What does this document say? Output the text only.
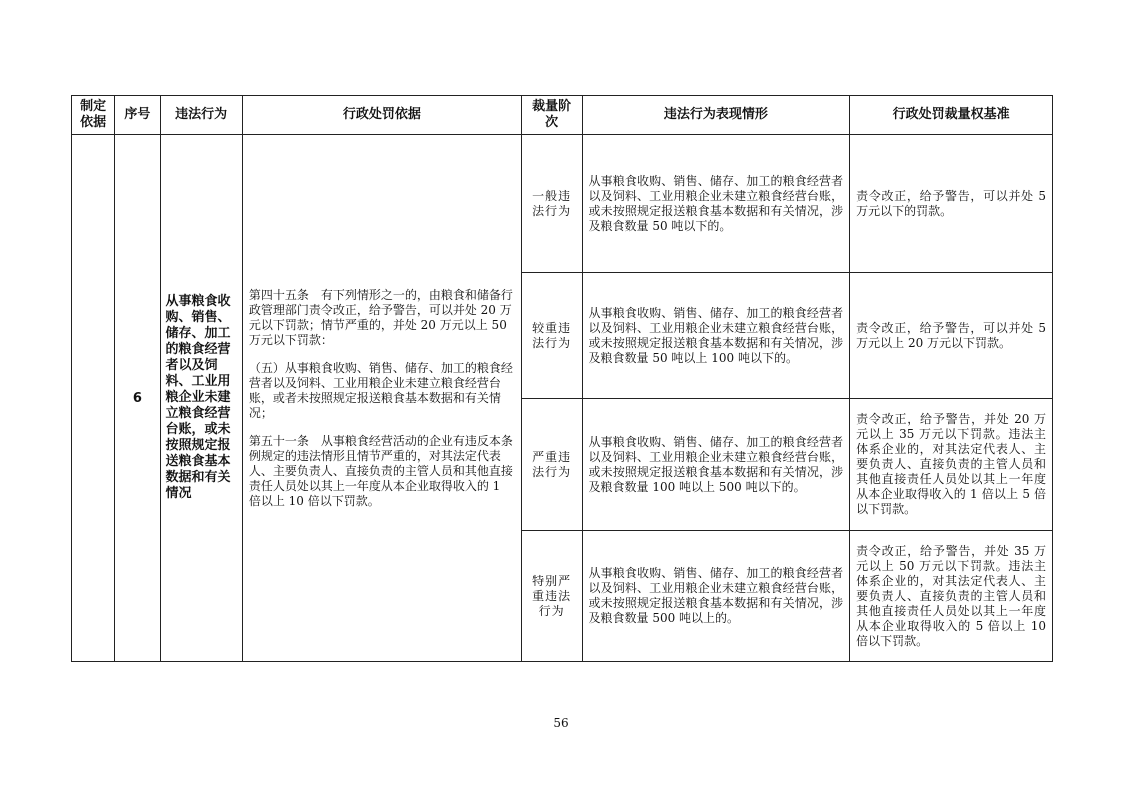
制定依据	序号	违法行为	行政处罚依据	裁量阶次	违法行为表现情形	行政处罚裁量权基准
	6	从事粮食收购、销售、储存、加工的粮食经营者以及饲料、工业用粮企业未建立粮食经营台账，或未按照规定报送粮食基本数据和有关情况	第四十五条　有下列情形之一的，由粮食和储备行政管理部门责令改正，给予警告，可以并处 20 万元以下罚款；情节严重的，并处 20 万元以上 50 万元以下罚款：

（五）从事粮食收购、销售、储存、加工的粮食经营者以及饲料、工业用粮企业未建立粮食经营台账，或者未按照规定报送粮食基本数据和有关情况；

第五十一条　从事粮食经营活动的企业有违反本条例规定的违法情形且情节严重的，对其法定代表人、主要负责人、直接负责的主管人员和其他直接责任人员处以其上一年度从本企业取得收入的 1 倍以上 10 倍以下罚款。	一般违法行为	从事粮食收购、销售、储存、加工的粮食经营者以及饲料、工业用粮企业未建立粮食经营台账，或未按照规定报送粮食基本数据和有关情况，涉及粮食数量 50 吨以下的。	责令改正，给予警告，可以并处 5 万元以下的罚款。
				较重违法行为	从事粮食收购、销售、储存、加工的粮食经营者以及饲料、工业用粮企业未建立粮食经营台账，或未按照规定报送粮食基本数据和有关情况，涉及粮食数量 50 吨以上 100 吨以下的。	责令改正，给予警告，可以并处 5 万元以上 20 万元以下罚款。
				严重违法行为	从事粮食收购、销售、储存、加工的粮食经营者以及饲料、工业用粮企业未建立粮食经营台账，或未按照规定报送粮食基本数据和有关情况，涉及粮食数量 100 吨以上 500 吨以下的。	责令改正，给予警告，并处 20 万元以上 35 万元以下罚款。违法主体系企业的，对其法定代表人、主要负责人、直接负责的主管人员和其他直接责任人员处以其上一年度从本企业取得收入的 1 倍以上 5 倍以下罚款。
				特别严重违法行为	从事粮食收购、销售、储存、加工的粮食经营者以及饲料、工业用粮企业未建立粮食经营台账，或未按照规定报送粮食基本数据和有关情况，涉及粮食数量 500 吨以上的。	责令改正，给予警告，并处 35 万元以上 50 万元以下罚款。违法主体系企业的，对其法定代表人、主要负责人、直接负责的主管人员和其他直接责任人员处以其上一年度从本企业取得收入的 5 倍以上 10 倍以下罚款。
56
